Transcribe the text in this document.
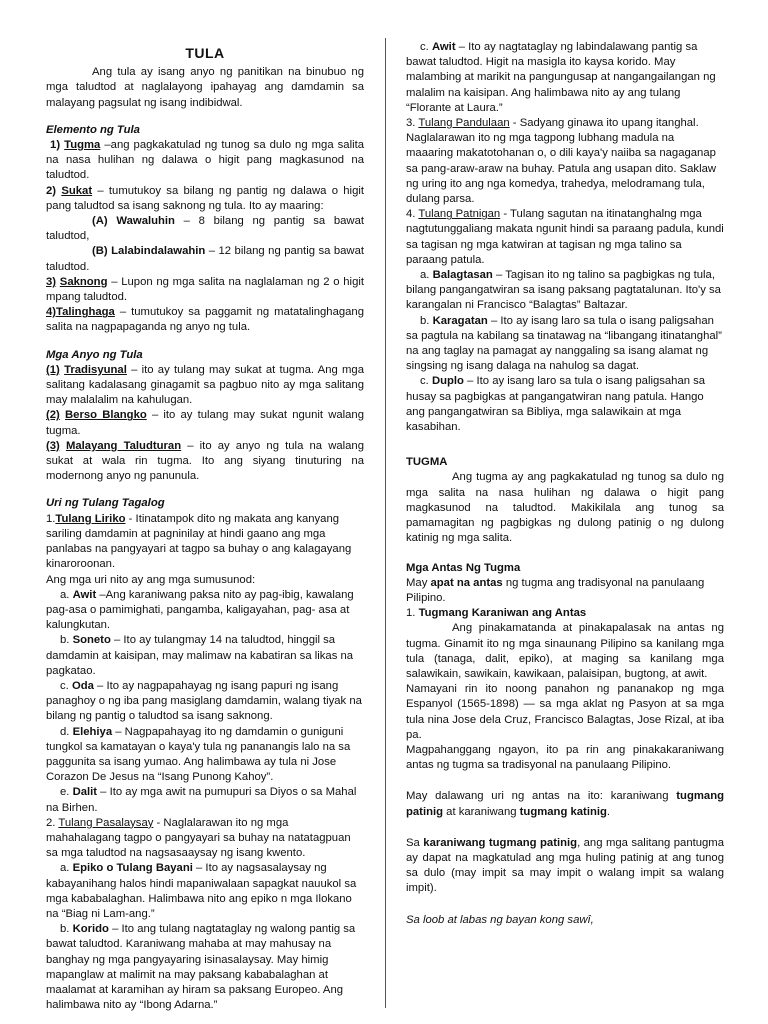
TULA

Ang tula ay isang anyo ng panitikan na binubuo ng mga taludtod at naglalayong ipahayag ang damdamin sa malayang pagsulat ng isang indibidwal.

Elemento ng Tula

1) Tugma –ang pagkakatulad ng tunog sa dulo ng mga salita na nasa hulihan ng dalawa o higit pang magkasunod na taludtod.

2) Sukat – tumutukoy sa bilang ng pantig ng dalawa o higit pang taludtod sa isang saknong ng tula. Ito ay maaring:

(A) Wawaluhin – 8 bilang ng pantig sa bawat taludtod,

(B) Lalabindalawahin – 12 bilang ng pantig sa bawat taludtod.

3) Saknong – Lupon ng mga salita na naglalaman ng 2 o higit mpang taludtod.

4)Talinghaga – tumutukoy sa paggamit ng matatalinghagang salita na nagpapaganda ng anyo ng tula.

Mga Anyo ng Tula

(1) Tradisyunal – ito ay tulang may sukat at tugma. Ang mga salitang kadalasang ginagamit sa pagbuo nito ay mga salitang may malalalim na kahulugan.

(2) Berso Blangko – ito ay tulang may sukat ngunit walang tugma.

(3) Malayang Taludturan – ito ay anyo ng tula na walang sukat at wala rin tugma. Ito ang siyang tinuturing na modernong anyo ng panunula.

Uri ng Tulang Tagalog

1.Tulang Liriko - Itinatampok dito ng makata ang kanyang sariling damdamin at pagninilay at hindi gaano ang mga panlabas na pangyayari at tagpo sa buhay o ang kalagayang kinaroroonan.

Ang mga uri nito ay ang mga sumusunod:

a. Awit –Ang karaniwang paksa nito ay pag-ibig, kawalang pag-asa o pamimighati, pangamba, kaligayahan, pag- asa at kalungkutan.

b. Soneto – Ito ay tulangmay 14 na taludtod, hinggil sa damdamin at kaisipan, may malimaw na kabatiran sa likas na pagkatao.

c. Oda – Ito ay nagpapahayag ng isang papuri ng isang panaghoy o ng iba pang masiglang damdamin, walang tiyak na bilang ng pantig o taludtod sa isang saknong.

d. Elehiya – Nagpapahayag ito ng damdamin o guniguni tungkol sa kamatayan o kaya'y tula ng pananangis lalo na sa paggunita sa isang yumao. Ang halimbawa ay tula ni Jose Corazon De Jesus na “Isang Punong Kahoy”.

e. Dalit – Ito ay mga awit na pumupuri sa Diyos o sa Mahal na Birhen.

2. Tulang Pasalaysay - Naglalarawan ito ng mga mahahalagang tagpo o pangyayari sa buhay na natatagpuan sa mga taludtod na nagsasaaysay ng isang kwento.

a. Epiko o Tulang Bayani – Ito ay nagsasalaysay ng kabayanihang halos hindi mapaniwalaan sapagkat nauukol sa mga kababalaghan. Halimbawa nito ang epiko n mga Ilokano na “Biag ni Lam-ang.”

b. Korido – Ito ang tulang nagtataglay ng walong pantig sa bawat taludtod. Karaniwang mahaba at may mahusay na banghay ng mga pangyayaring isinasalaysay. May himig mapanglaw at malimit na may paksang kababalaghan at maalamat at karamihan ay hiram sa paksang Europeo. Ang halimbawa nito ay “Ibong Adarna.”

c. Awit – Ito ay nagtataglay ng labindalawang pantig sa bawat taludtod. Higit na masigla ito kaysa korido. May malambing at marikit na pangungusap at nangangailangan ng malalim na kaisipan. Ang halimbawa nito ay ang tulang “Florante at Laura.”

3. Tulang Pandulaan - Sadyang ginawa ito upang itanghal. Naglalarawan ito ng mga tagpong lubhang madula na maaaring makatotohanan o, o dili kaya'y naiiba sa nagaganap sa pang-araw-araw na buhay. Patula ang usapan dito. Saklaw ng uring ito ang nga komedya, trahedya, melodramang tula, dulang parsa.

4. Tulang Patnigan - Tulang sagutan na itinatanghalng mga nagtutunggaliang makata ngunit hindi sa paraang padula, kundi sa tagisan ng mga katwiran at tagisan ng mga talino sa paraang patula.

a. Balagtasan – Tagisan ito ng talino sa pagbigkas ng tula, bilang pangangatwiran sa isang paksang pagtatalunan. Ito'y sa karangalan ni Francisco “Balagtas” Baltazar.

b. Karagatan – Ito ay isang laro sa tula o isang paligsahan sa pagtula na kabilang sa tinatawag na “libangang itinatanghal” na ang taglay na pamagat ay nanggaling sa isang alamat ng singsing ng isang dalaga na nahulog sa dagat.

c. Duplo – Ito ay isang laro sa tula o isang paligsahan sa husay sa pagbigkas at pangangatwiran nang patula. Hango ang pangangatwiran sa Bibliya, mga salawikain at mga kasabihan.

TUGMA

Ang tugma ay ang pagkakatulad ng tunog sa dulo ng mga salita na nasa hulihan ng dalawa o higit pang magkasunod na taludtod. Makikilala ang tunog sa pamamagitan ng pagbigkas ng dulong patinig o ng dulong katinig ng mga salita.

Mga Antas Ng Tugma

May apat na antas ng tugma ang tradisyonal na panulaang Pilipino.

1. Tugmang Karaniwan ang Antas

Ang pinakamatanda at pinakapalasak na antas ng tugma. Ginamit ito ng mga sinaunang Pilipino sa kanilang mga tula (tanaga, dalit, epiko), at maging sa kanilang mga salawikain, sawikain, kawikaan, palaisipan, bugtong, at awit.

Namayani rin ito noong panahon ng pananakop ng mga Espanyol (1565-1898) — sa mga aklat ng Pasyon at sa mga tula nina Jose dela Cruz, Francisco Balagtas, Jose Rizal, at iba pa.

Magpahanggang ngayon, ito pa rin ang pinakakaraniwang antas ng tugma sa tradisyonal na panulaang Pilipino.

May dalawang uri ng antas na ito: karaniwang tugmang patinig at karaniwang tugmang katinig.

Sa karaniwang tugmang patinig, ang mga salitang pantugma ay dapat na magkatulad ang mga huling patinig at ang tunog sa dulo (may impit sa may impit o walang impit sa walang impit).

Sa loob at labas ng bayan kong sawî,
